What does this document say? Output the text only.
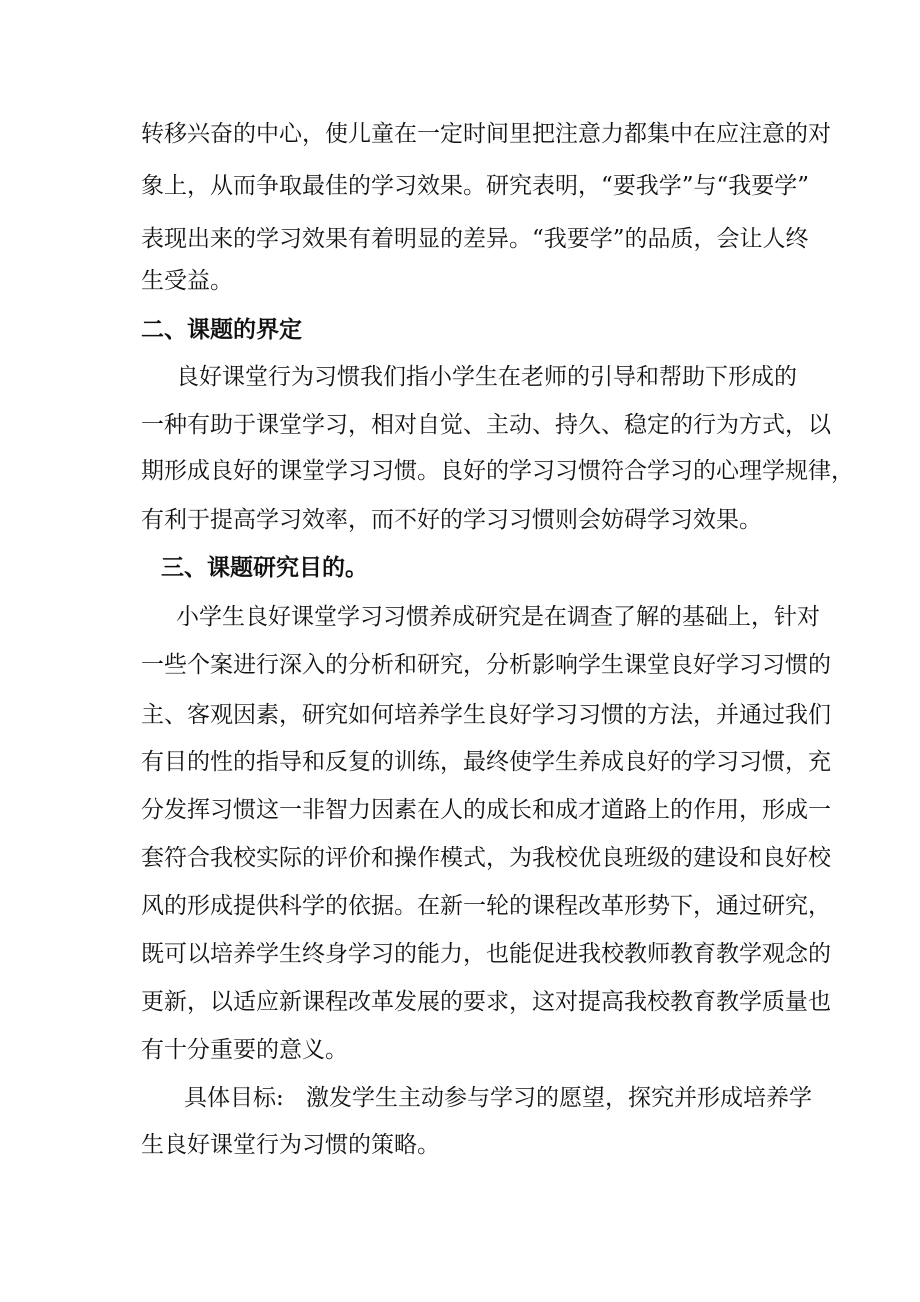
转移兴奋的中心，使儿童在一定时间里把注意力都集中在应注意的对
象上，从而争取最佳的学习效果。研究表明，“要我学”与“我要学”
表现出来的学习效果有着明显的差异。“我要学”的品质，会让人终
生受益。
二、课题的界定
良好课堂行为习惯我们指小学生在老师的引导和帮助下形成的
一种有助于课堂学习，相对自觉、主动、持久、稳定的行为方式，以
期形成良好的课堂学习习惯。良好的学习习惯符合学习的心理学规律，
有利于提高学习效率，而不好的学习习惯则会妨碍学习效果。
三、课题研究目的。
小学生良好课堂学习习惯养成研究是在调查了解的基础上，针对
一些个案进行深入的分析和研究，分析影响学生课堂良好学习习惯的
主、客观因素，研究如何培养学生良好学习习惯的方法，并通过我们
有目的性的指导和反复的训练，最终使学生养成良好的学习习惯，充
分发挥习惯这一非智力因素在人的成长和成才道路上的作用，形成一
套符合我校实际的评价和操作模式，为我校优良班级的建设和良好校
风的形成提供科学的依据。在新一轮的课程改革形势下，通过研究，
既可以培养学生终身学习的能力，也能促进我校教师教育教学观念的
更新，以适应新课程改革发展的要求，这对提高我校教育教学质量也
有十分重要的意义。
具体目标: 激发学生主动参与学习的愿望，探究并形成培养学
生良好课堂行为习惯的策略。
